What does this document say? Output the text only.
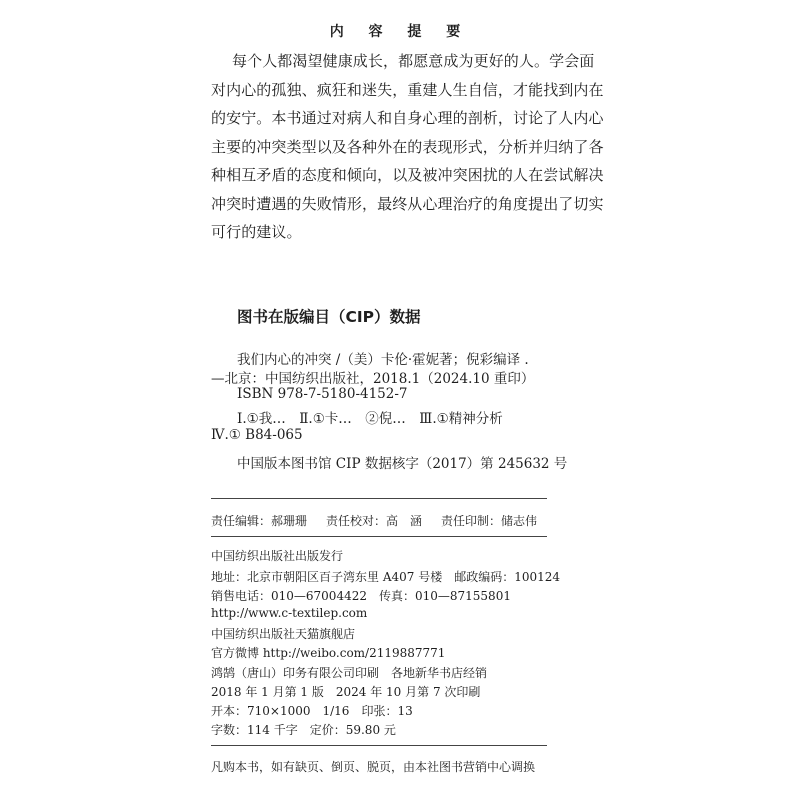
内 容 提 要
每个人都渴望健康成长，都愿意成为更好的人。学会面
对内心的孤独、疯狂和迷失，重建人生自信，才能找到内在
的安宁。本书通过对病人和自身心理的剖析，讨论了人内心
主要的冲突类型以及各种外在的表现形式，分析并归纳了各
种相互矛盾的态度和倾向，以及被冲突困扰的人在尝试解决
冲突时遭遇的失败情形，最终从心理治疗的角度提出了切实
可行的建议。
图书在版编目（CIP）数据
我们内心的冲突 /（美）卡伦·霍妮著；倪彩编译 .
—北京：中国纺织出版社，2018.1（2024.10 重印）
ISBN 978-7-5180-4152-7
Ⅰ.①我…　Ⅱ.①卡…　②倪…　Ⅲ.①精神分析
Ⅳ.① B84-065
中国版本图书馆 CIP 数据核字（2017）第 245632 号
责任编辑：郝珊珊 责任校对：高　涵 责任印制：储志伟
中国纺织出版社出版发行
地址：北京市朝阳区百子湾东里 A407 号楼　邮政编码：100124
销售电话：010—67004422　传真：010—87155801
http://www.c-textilep.com
中国纺织出版社天猫旗舰店
官方微博 http://weibo.com/2119887771
鸿鹄（唐山）印务有限公司印刷　各地新华书店经销
2018 年 1 月第 1 版　2024 年 10 月第 7 次印刷
开本：710×1000　1/16　印张：13
字数：114 千字　定价：59.80 元
凡购本书，如有缺页、倒页、脱页，由本社图书营销中心调换
